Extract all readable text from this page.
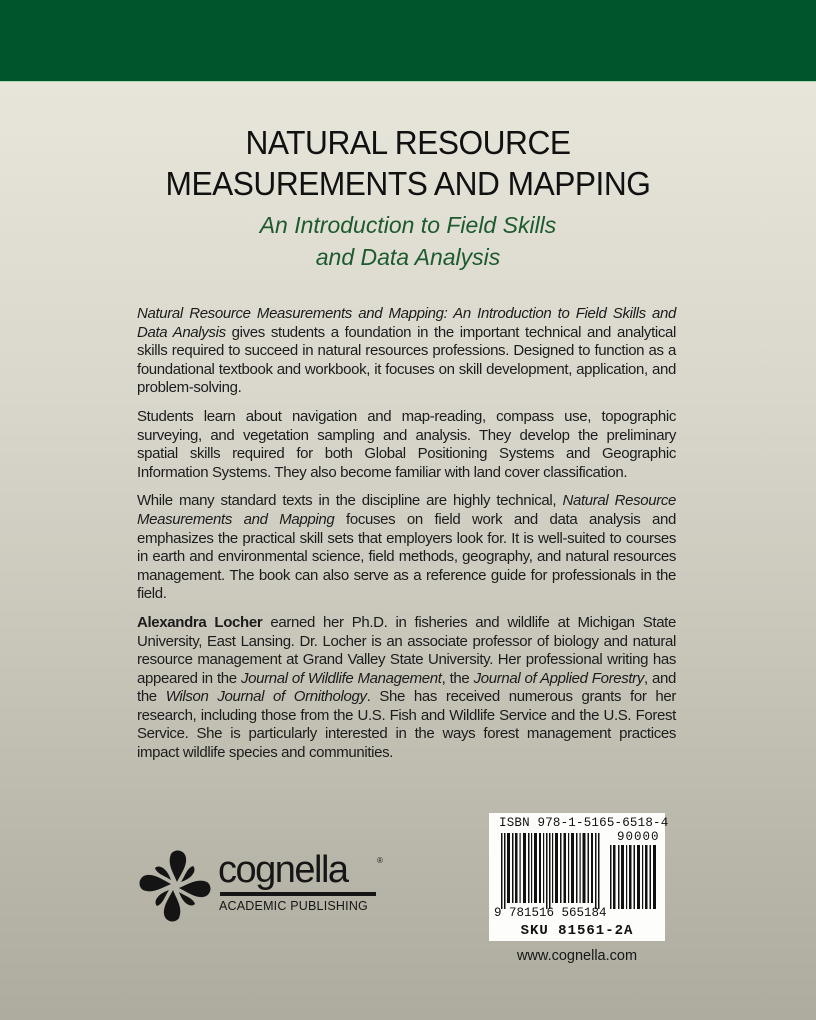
NATURAL RESOURCE
MEASUREMENTS AND MAPPING
An Introduction to Field Skills
and Data Analysis

Natural Resource Measurements and Mapping: An Introduction to Field Skills and Data Analysis gives students a foundation in the important technical and analytical skills required to succeed in natural resources professions. Designed to function as a foundational textbook and workbook, it focuses on skill development, application, and problem-solving.

Students learn about navigation and map-reading, compass use, topographic surveying, and vegetation sampling and analysis. They develop the preliminary spatial skills required for both Global Positioning Systems and Geographic Information Systems. They also become familiar with land cover classification.

While many standard texts in the discipline are highly technical, Natural Resource Measurements and Mapping focuses on field work and data analysis and emphasizes the practical skill sets that employers look for. It is well-suited to courses in earth and environmental science, field methods, geography, and natural resources management. The book can also serve as a reference guide for professionals in the field.

Alexandra Locher earned her Ph.D. in fisheries and wildlife at Michigan State University, East Lansing. Dr. Locher is an associate professor of biology and natural resource management at Grand Valley State University. Her professional writing has appeared in the Journal of Wildlife Management, the Journal of Applied Forestry, and the Wilson Journal of Ornithology. She has received numerous grants for her research, including those from the U.S. Fish and Wildlife Service and the U.S. Forest Service. She is particularly interested in the ways forest management practices impact wildlife species and communities.

cognella	®
ACADEMIC PUBLISHING
ISBN 978-1-5165-6518-4
90000
9 781516 565184
SKU 81561-2A
www.cognella.com
